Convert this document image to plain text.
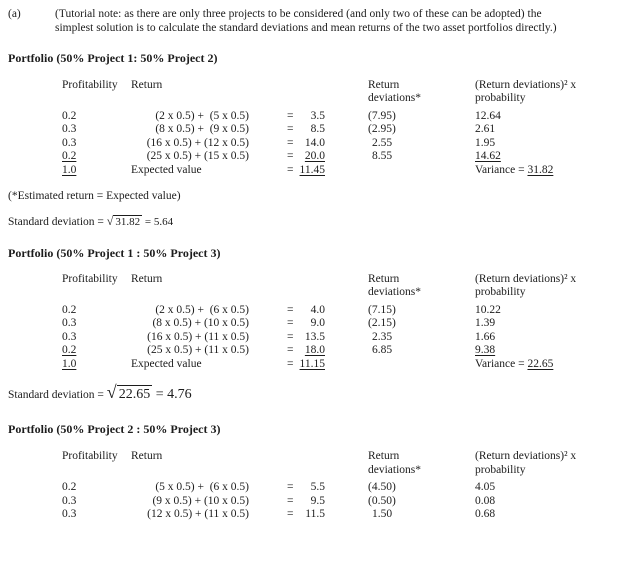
(a)	(Tutorial note: as there are only three projects to be considered (and only two of these can be adopted) the simplest solution is to calculate the standard deviations and mean returns of the two asset portfolios directly.)

Portfolio (50% Project 1: 50% Project 2)
Profitability	Return	Return	(Return deviations)² x
deviations*	probability
0.2	(2 x 0.5) +  (5 x 0.5)	= 3.5	(7.95)	12.64
0.3	(8 x 0.5) +  (9 x 0.5)	= 8.5	(2.95)	2.61
0.3	(16 x 0.5) + (12 x 0.5)	= 14.0	2.55	1.95
0.2	(25 x 0.5) + (15 x 0.5)	= 20.0	8.55	14.62
1.0	Expected value	= 11.45	Variance = 31.82
(*Estimated return = Expected value)
Standard deviation = √ 31.82 = 5.64
Portfolio (50% Project 1 : 50% Project 3)
Profitability	Return	Return	(Return deviations)² x
deviations*	probability
0.2	(2 x 0.5) +  (6 x 0.5)	= 4.0	(7.15)	10.22
0.3	(8 x 0.5) + (10 x 0.5)	= 9.0	(2.15)	1.39
0.3	(16 x 0.5) + (11 x 0.5)	= 13.5	2.35	1.66
0.2	(25 x 0.5) + (11 x 0.5)	= 18.0	6.85	9.38
1.0	Expected value	= 11.15	Variance = 22.65
Standard deviation = √ 22.65 = 4.76
Portfolio (50% Project 2 : 50% Project 3)
Profitability	Return	Return	(Return deviations)² x
deviations*	probability
0.2	(5 x 0.5) +  (6 x 0.5)	= 5.5	(4.50)	4.05
0.3	(9 x 0.5) + (10 x 0.5)	= 9.5	(0.50)	0.08
0.3	(12 x 0.5) + (11 x 0.5)	= 11.5	1.50	0.68
